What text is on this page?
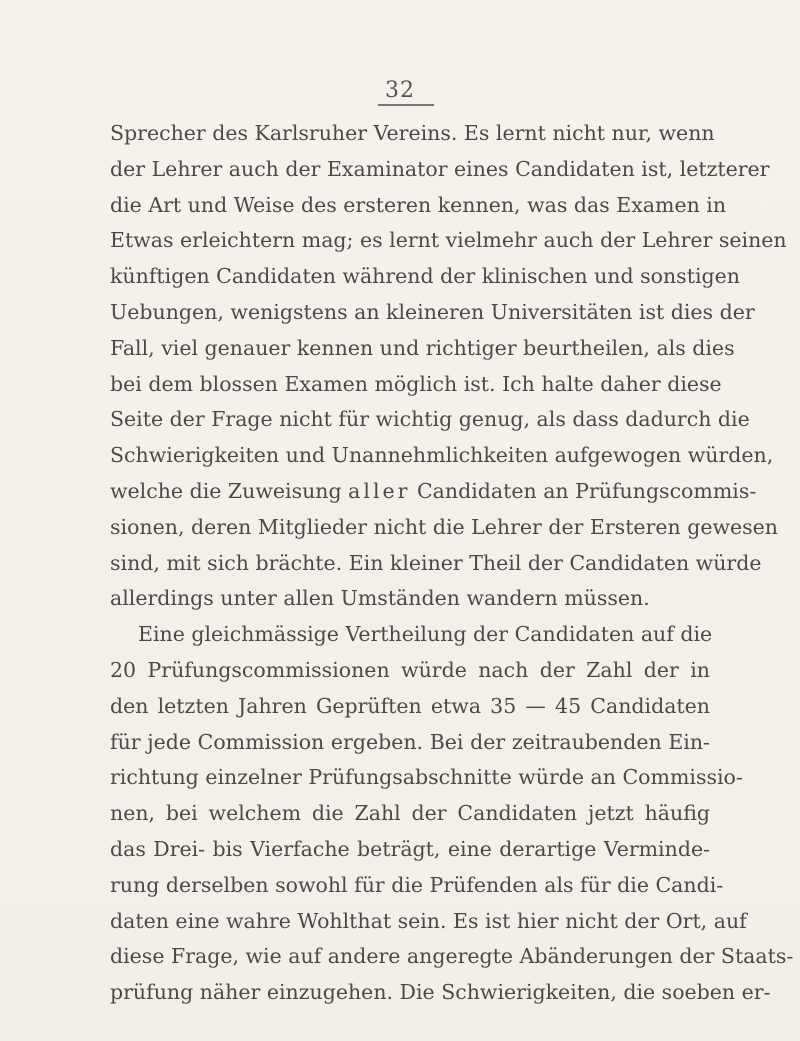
32
Sprecher des Karlsruher Vereins. Es lernt nicht nur, wenn
der Lehrer auch der Examinator eines Candidaten ist, letzterer
die Art und Weise des ersteren kennen, was das Examen in
Etwas erleichtern mag; es lernt vielmehr auch der Lehrer seinen
künftigen Candidaten während der klinischen und sonstigen
Uebungen, wenigstens an kleineren Universitäten ist dies der
Fall, viel genauer kennen und richtiger beurtheilen, als dies
bei dem blossen Examen möglich ist. Ich halte daher diese
Seite der Frage nicht für wichtig genug, als dass dadurch die
Schwierigkeiten und Unannehmlichkeiten aufgewogen würden,
welche die Zuweisung aller Candidaten an Prüfungscommis-
sionen, deren Mitglieder nicht die Lehrer der Ersteren gewesen
sind, mit sich brächte. Ein kleiner Theil der Candidaten würde
allerdings unter allen Umständen wandern müssen.
Eine gleichmässige Vertheilung der Candidaten auf die
20 Prüfungscommissionen würde nach der Zahl der in
den letzten Jahren Geprüften etwa 35 — 45 Candidaten
für jede Commission ergeben. Bei der zeitraubenden Ein-
richtung einzelner Prüfungsabschnitte würde an Commissio-
nen, bei welchem die Zahl der Candidaten jetzt häufig
das Drei- bis Vierfache beträgt, eine derartige Verminde-
rung derselben sowohl für die Prüfenden als für die Candi-
daten eine wahre Wohlthat sein. Es ist hier nicht der Ort, auf
diese Frage, wie auf andere angeregte Abänderungen der Staats-
prüfung näher einzugehen. Die Schwierigkeiten, die soeben er-
